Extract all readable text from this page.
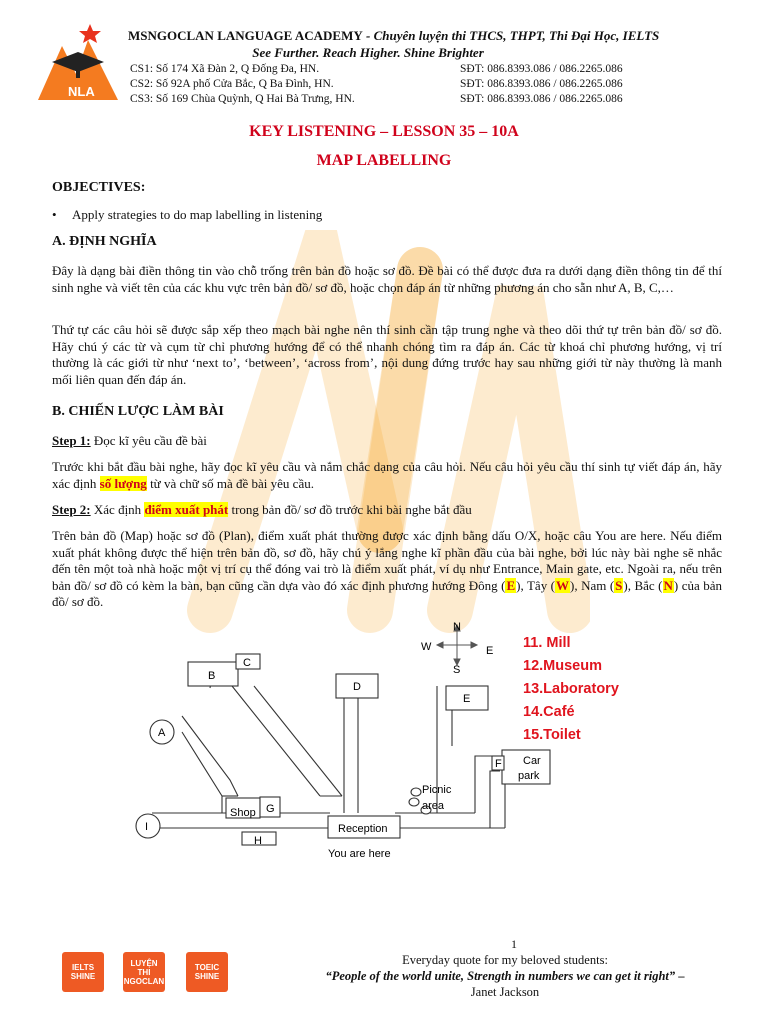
NLA
MSNGOCLAN LANGUAGE ACADEMY - Chuyên luyện thi THCS, THPT, Thi Đại Học, IELTS
See Further. Reach Higher. Shine Brighter
CS1: Số 174 Xã Đàn 2, Q Đống Đa, HN.	SĐT: 086.8393.086 / 086.2265.086
CS2: Số 92A phố Cửa Bắc, Q Ba Đình, HN.	SĐT: 086.8393.086 / 086.2265.086
CS3: Số 169 Chùa Quỳnh, Q Hai Bà Trưng, HN.	SĐT: 086.8393.086 / 086.2265.086
KEY LISTENING – LESSON 35 – 10A
MAP LABELLING
OBJECTIVES:
• Apply strategies to do map labelling in listening
A. ĐỊNH NGHĨA
Đây là dạng bài điền thông tin vào chỗ trống trên bản đồ hoặc sơ đồ. Đề bài có thể được đưa ra dưới dạng điền thông tin để thí sinh nghe và viết tên của các khu vực trên bản đồ/ sơ đồ, hoặc chọn đáp án từ những phương án cho sẵn như A, B, C,…
Thứ tự các câu hỏi sẽ được sắp xếp theo mạch bài nghe nên thí sinh cần tập trung nghe và theo dõi thứ tự trên bản đồ/ sơ đồ. Hãy chú ý các từ và cụm từ chỉ phương hướng để có thể nhanh chóng tìm ra đáp án. Các từ khoá chỉ phương hướng, vị trí thường là các giới từ như ‘next to’, ‘between’, ‘across from’, nội dung đứng trước hay sau những giới từ này thường là manh mối liên quan đến đáp án.
B. CHIẾN LƯỢC LÀM BÀI
Step 1: Đọc kĩ yêu cầu đề bài
Trước khi bắt đầu bài nghe, hãy đọc kĩ yêu cầu và nắm chắc dạng của câu hỏi. Nếu câu hỏi yêu cầu thí sinh tự viết đáp án, hãy xác định số lượng từ và chữ số mà đề bài yêu cầu.
Step 2: Xác định điểm xuất phát trong bản đồ/ sơ đồ trước khi bài nghe bắt đầu
Trên bản đồ (Map) hoặc sơ đồ (Plan), điểm xuất phát thường được xác định bằng dấu O/X, hoặc câu You are here. Nếu điểm xuất phát không được thể hiện trên bản đồ, sơ đồ, hãy chú ý lắng nghe kĩ phần đầu của bài nghe, bởi lúc này bài nghe sẽ nhắc đến tên một toà nhà hoặc một vị trí cụ thể đóng vai trò là điểm xuất phát, ví dụ như Entrance, Main gate, etc. Ngoài ra, nếu trên bản đồ/ sơ đồ có kèm la bàn, bạn cũng cần dựa vào đó xác định phương hướng Đông (E), Tây (W), Nam (S), Bắc (N) của bản đồ/ sơ đồ.
N
S
W	E
A
B
C
D
E
F
G
H
I
Car
park
Shop
Picnic
area
Reception
You are here
11. Mill
12.Museum
13.Laboratory
14.Café
15.Toilet
1
Everyday quote for my beloved students:
“People of the world unite, Strength in numbers we can get it right” –
Janet Jackson
IELTS
SHINE
LUYỆN THI
NGOCLAN
TOEIC
SHINE
